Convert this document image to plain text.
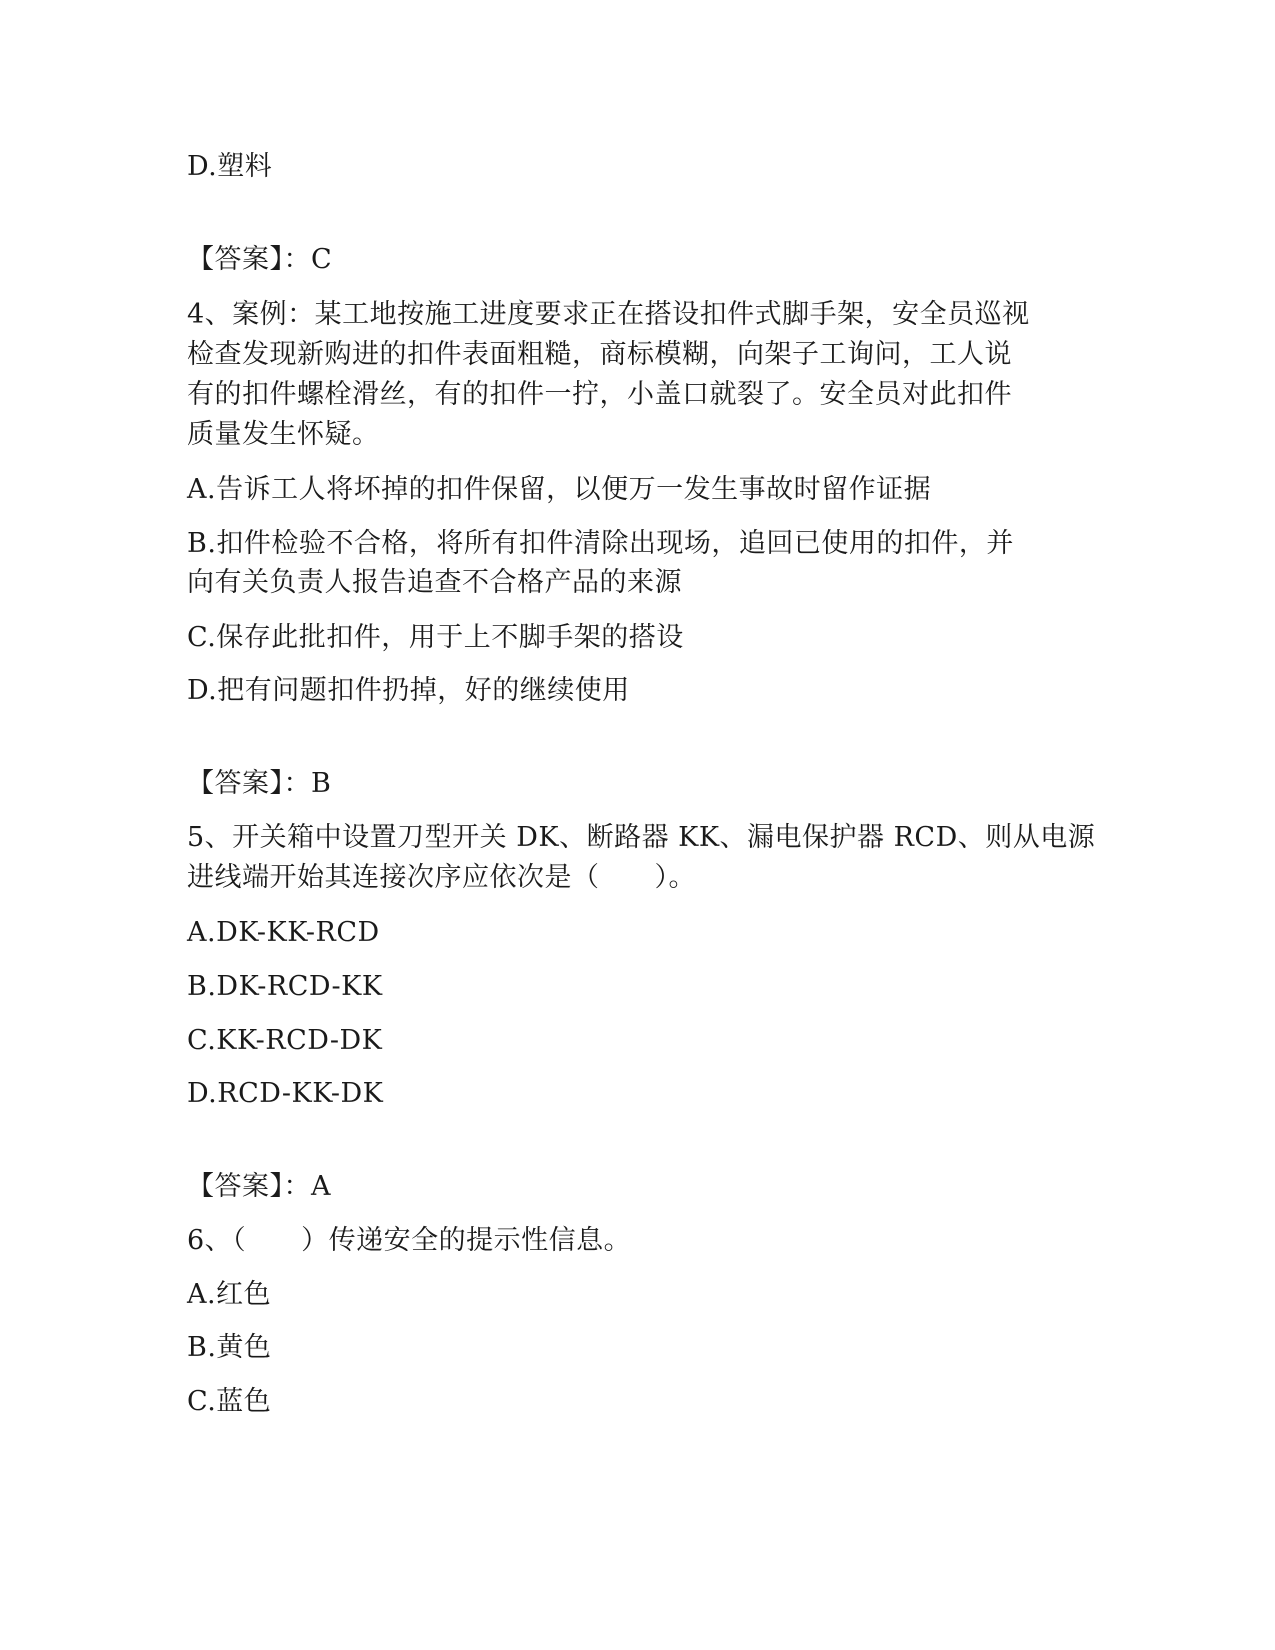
D.塑料
【答案】：C
4、案例：某工地按施工进度要求正在搭设扣件式脚手架，安全员巡视
检查发现新购进的扣件表面粗糙，商标模糊，向架子工询问，工人说
有的扣件螺栓滑丝，有的扣件一拧，小盖口就裂了。安全员对此扣件
质量发生怀疑。
A.告诉工人将坏掉的扣件保留，以便万一发生事故时留作证据
B.扣件检验不合格，将所有扣件清除出现场，追回已使用的扣件，并
向有关负责人报告追查不合格产品的来源
C.保存此批扣件，用于上不脚手架的搭设
D.把有问题扣件扔掉，好的继续使用
【答案】：B
5、开关箱中设置刀型开关 DK、断路器 KK、漏电保护器 RCD、则从电源
进线端开始其连接次序应依次是（　　）。
A.DK-KK-RCD
B.DK-RCD-KK
C.KK-RCD-DK
D.RCD-KK-DK
【答案】：A
6、（　　）传递安全的提示性信息。
A.红色
B.黄色
C.蓝色
